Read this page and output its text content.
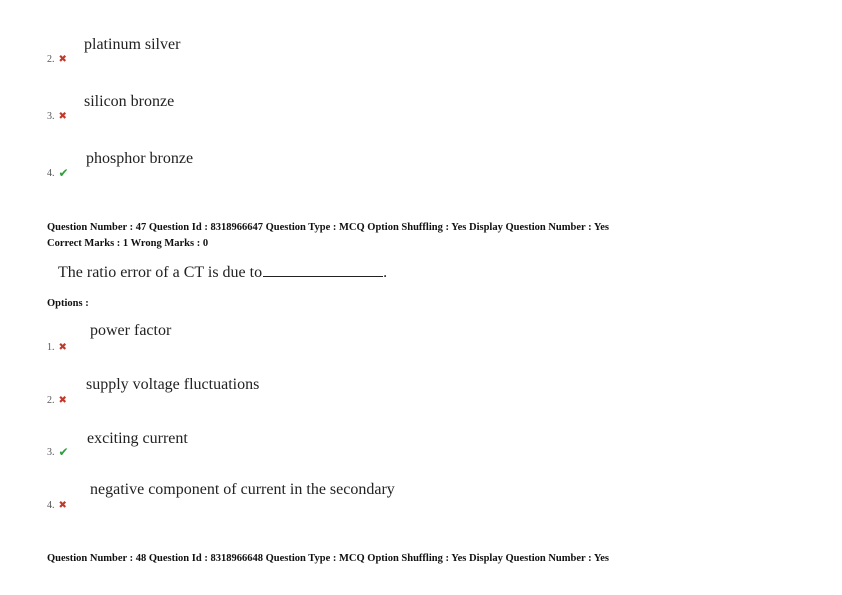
platinum silver
2. ✖
silicon bronze
3. ✖
phosphor bronze
4. ✔
Question Number : 47 Question Id : 8318966647 Question Type : MCQ Option Shuffling : Yes Display Question Number : Yes
Correct Marks : 1 Wrong Marks : 0
The ratio error of a CT is due to	.
Options :
power factor
1. ✖
supply voltage fluctuations
2. ✖
exciting current
3. ✔
negative component of current in the secondary
4. ✖
Question Number : 48 Question Id : 8318966648 Question Type : MCQ Option Shuffling : Yes Display Question Number : Yes
